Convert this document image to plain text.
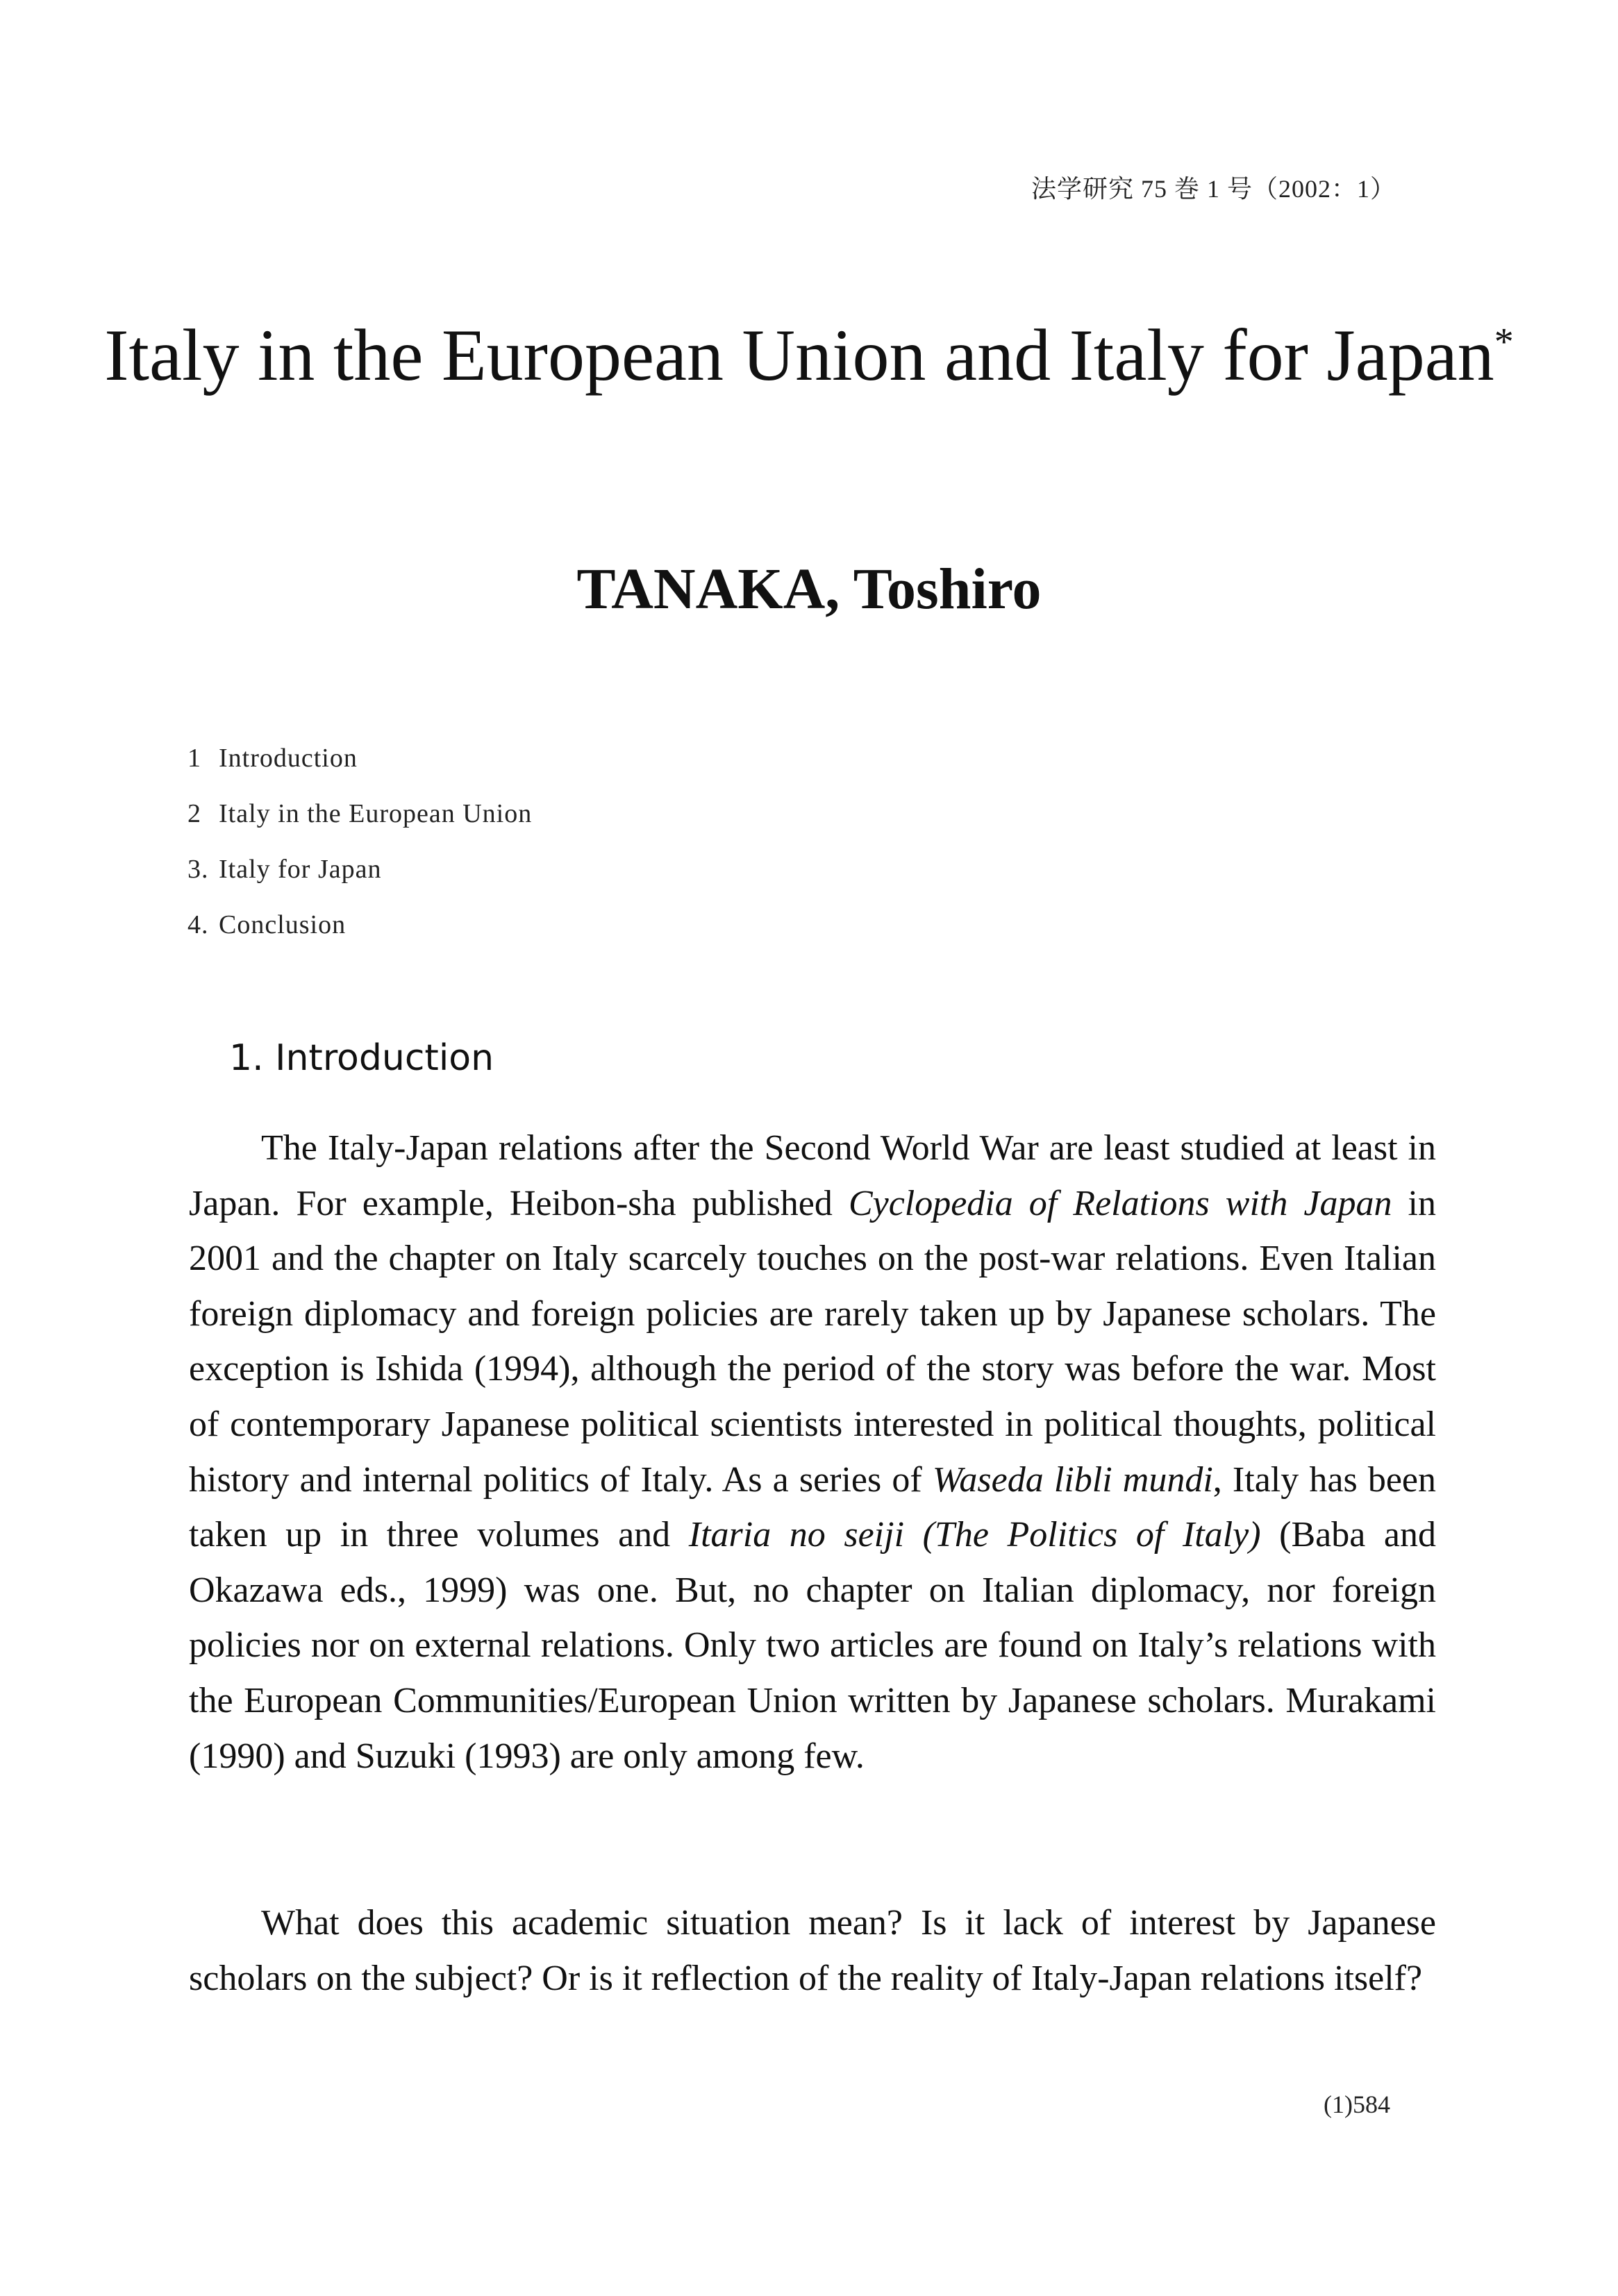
法学研究 75 巻 1 号（2002：1）
Italy in the European Union and Italy for Japan*
TANAKA, Toshiro
1 Introduction
2 Italy in the European Union
3. Italy for Japan
4. Conclusion
1. Introduction

The Italy-Japan relations after the Second World War are least studied at least in Japan. For example, Heibon-sha published Cyclopedia of Relations with Japan in 2001 and the chapter on Italy scarcely touches on the post-war relations. Even Italian foreign diplomacy and foreign policies are rarely taken up by Japanese scholars. The exception is Ishida (1994), although the period of the story was before the war. Most of contemporary Japanese political scientists interested in political thoughts, political history and internal politics of Italy. As a series of Waseda libli mundi, Italy has been taken up in three volumes and Itaria no seiji (The Politics of Italy) (Baba and Okazawa eds., 1999) was one. But, no chapter on Italian diplomacy, nor foreign policies nor on external relations. Only two articles are found on Italy’s relations with the European Communities/European Union written by Japanese scholars. Murakami (1990) and Suzuki (1993) are only among few.

What does this academic situation mean? Is it lack of interest by Japanese scholars on the subject? Or is it reflection of the reality of Italy-Japan relations itself?

(1)584
